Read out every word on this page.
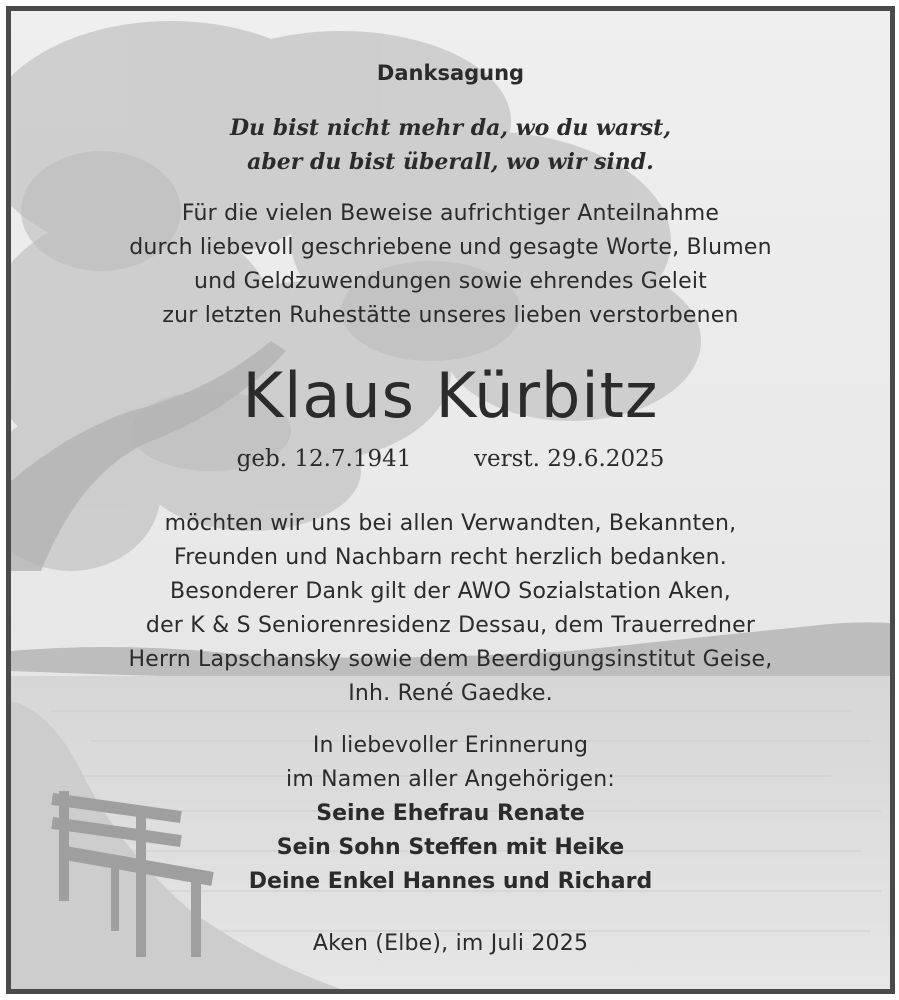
Danksagung
Du bist nicht mehr da, wo du warst,
aber du bist überall, wo wir sind.
Für die vielen Beweise aufrichtiger Anteilnahme
durch liebevoll geschriebene und gesagte Worte, Blumen
und Geldzuwendungen sowie ehrendes Geleit
zur letzten Ruhestätte unseres lieben verstorbenen
Klaus Kürbitz
geb. 12.7.1941	verst. 29.6.2025
möchten wir uns bei allen Verwandten, Bekannten,
Freunden und Nachbarn recht herzlich bedanken.
Besonderer Dank gilt der AWO Sozialstation Aken,
der K & S Seniorenresidenz Dessau, dem Trauerredner
Herrn Lapschansky sowie dem Beerdigungsinstitut Geise,
Inh. René Gaedke.
In liebevoller Erinnerung
im Namen aller Angehörigen:
Seine Ehefrau Renate
Sein Sohn Steffen mit Heike
Deine Enkel Hannes und Richard
Aken (Elbe), im Juli 2025
